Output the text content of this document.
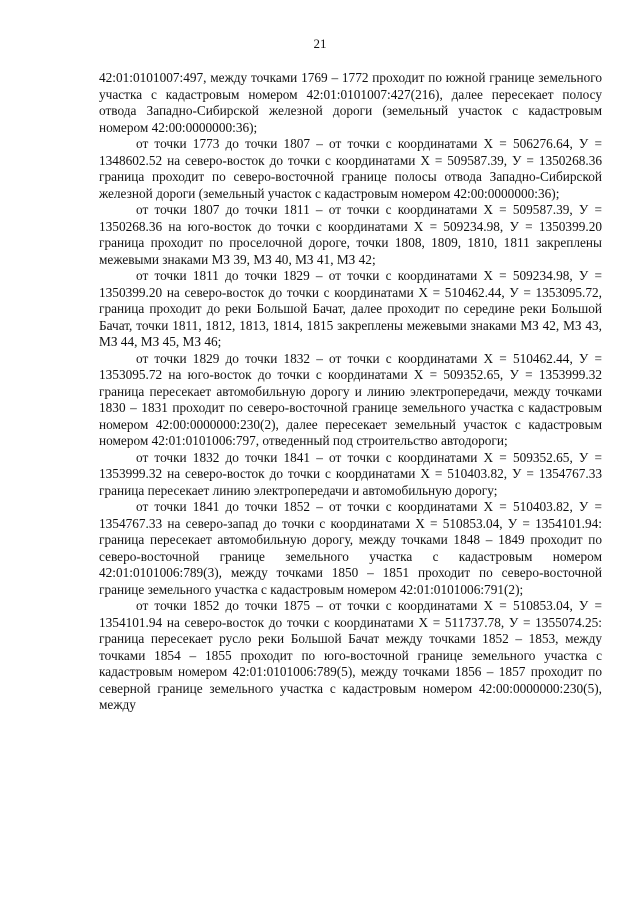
21

42:01:0101007:497, между точками 1769 – 1772 проходит по южной границе земельного участка с кадастровым номером 42:01:0101007:427(216), далее пересекает полосу отвода Западно-Сибирской железной дороги (земельный участок с кадастровым номером 42:00:0000000:36);

от точки 1773 до точки 1807 – от точки с координатами Х = 506276.64, У = 1348602.52 на северо-восток до точки с координатами Х = 509587.39, У = 1350268.36 граница проходит по северо-восточной границе полосы отвода Западно-Сибирской железной дороги (земельный участок с кадастровым номером 42:00:0000000:36);

от точки 1807 до точки 1811 – от точки с координатами Х = 509587.39, У = 1350268.36 на юго-восток до точки с координатами Х = 509234.98, У = 1350399.20 граница проходит по проселочной дороге, точки 1808, 1809, 1810, 1811 закреплены межевыми знаками МЗ 39, МЗ 40, МЗ 41, МЗ 42;

от точки 1811 до точки 1829 – от точки с координатами Х = 509234.98, У = 1350399.20 на северо-восток до точки с координатами Х = 510462.44, У = 1353095.72, граница проходит до реки Большой Бачат, далее проходит по середине реки Большой Бачат, точки 1811, 1812, 1813, 1814, 1815 закреплены межевыми знаками МЗ 42, МЗ 43, МЗ 44, МЗ 45, МЗ 46;

от точки 1829 до точки 1832 – от точки с координатами Х = 510462.44, У = 1353095.72 на юго-восток до точки с координатами Х = 509352.65, У = 1353999.32 граница пересекает автомобильную дорогу и линию электропередачи, между точками 1830 – 1831 проходит по северо-восточной границе земельного участка с кадастровым номером 42:00:0000000:230(2), далее пересекает земельный участок с кадастровым номером 42:01:0101006:797, отведенный под строительство автодороги;

от точки 1832 до точки 1841 – от точки с координатами Х = 509352.65, У = 1353999.32 на северо-восток до точки с координатами Х = 510403.82, У = 1354767.33 граница пересекает линию электропередачи и автомобильную дорогу;

от точки 1841 до точки 1852 – от точки с координатами Х = 510403.82, У = 1354767.33 на северо-запад до точки с координатами Х = 510853.04, У = 1354101.94: граница пересекает автомобильную дорогу, между точками 1848 – 1849 проходит по северо-восточной границе земельного участка с кадастровым номером 42:01:0101006:789(3), между точками 1850 – 1851 проходит по северо-восточной границе земельного участка с кадастровым номером 42:01:0101006:791(2);

от точки 1852 до точки 1875 – от точки с координатами Х = 510853.04, У = 1354101.94 на северо-восток до точки с координатами Х = 511737.78, У = 1355074.25: граница пересекает русло реки Большой Бачат между точками 1852 – 1853, между точками 1854 – 1855 проходит по юго-восточной границе земельного участка с кадастровым номером 42:01:0101006:789(5), между точками 1856 – 1857 проходит по северной границе земельного участка с кадастровым номером 42:00:0000000:230(5), между
